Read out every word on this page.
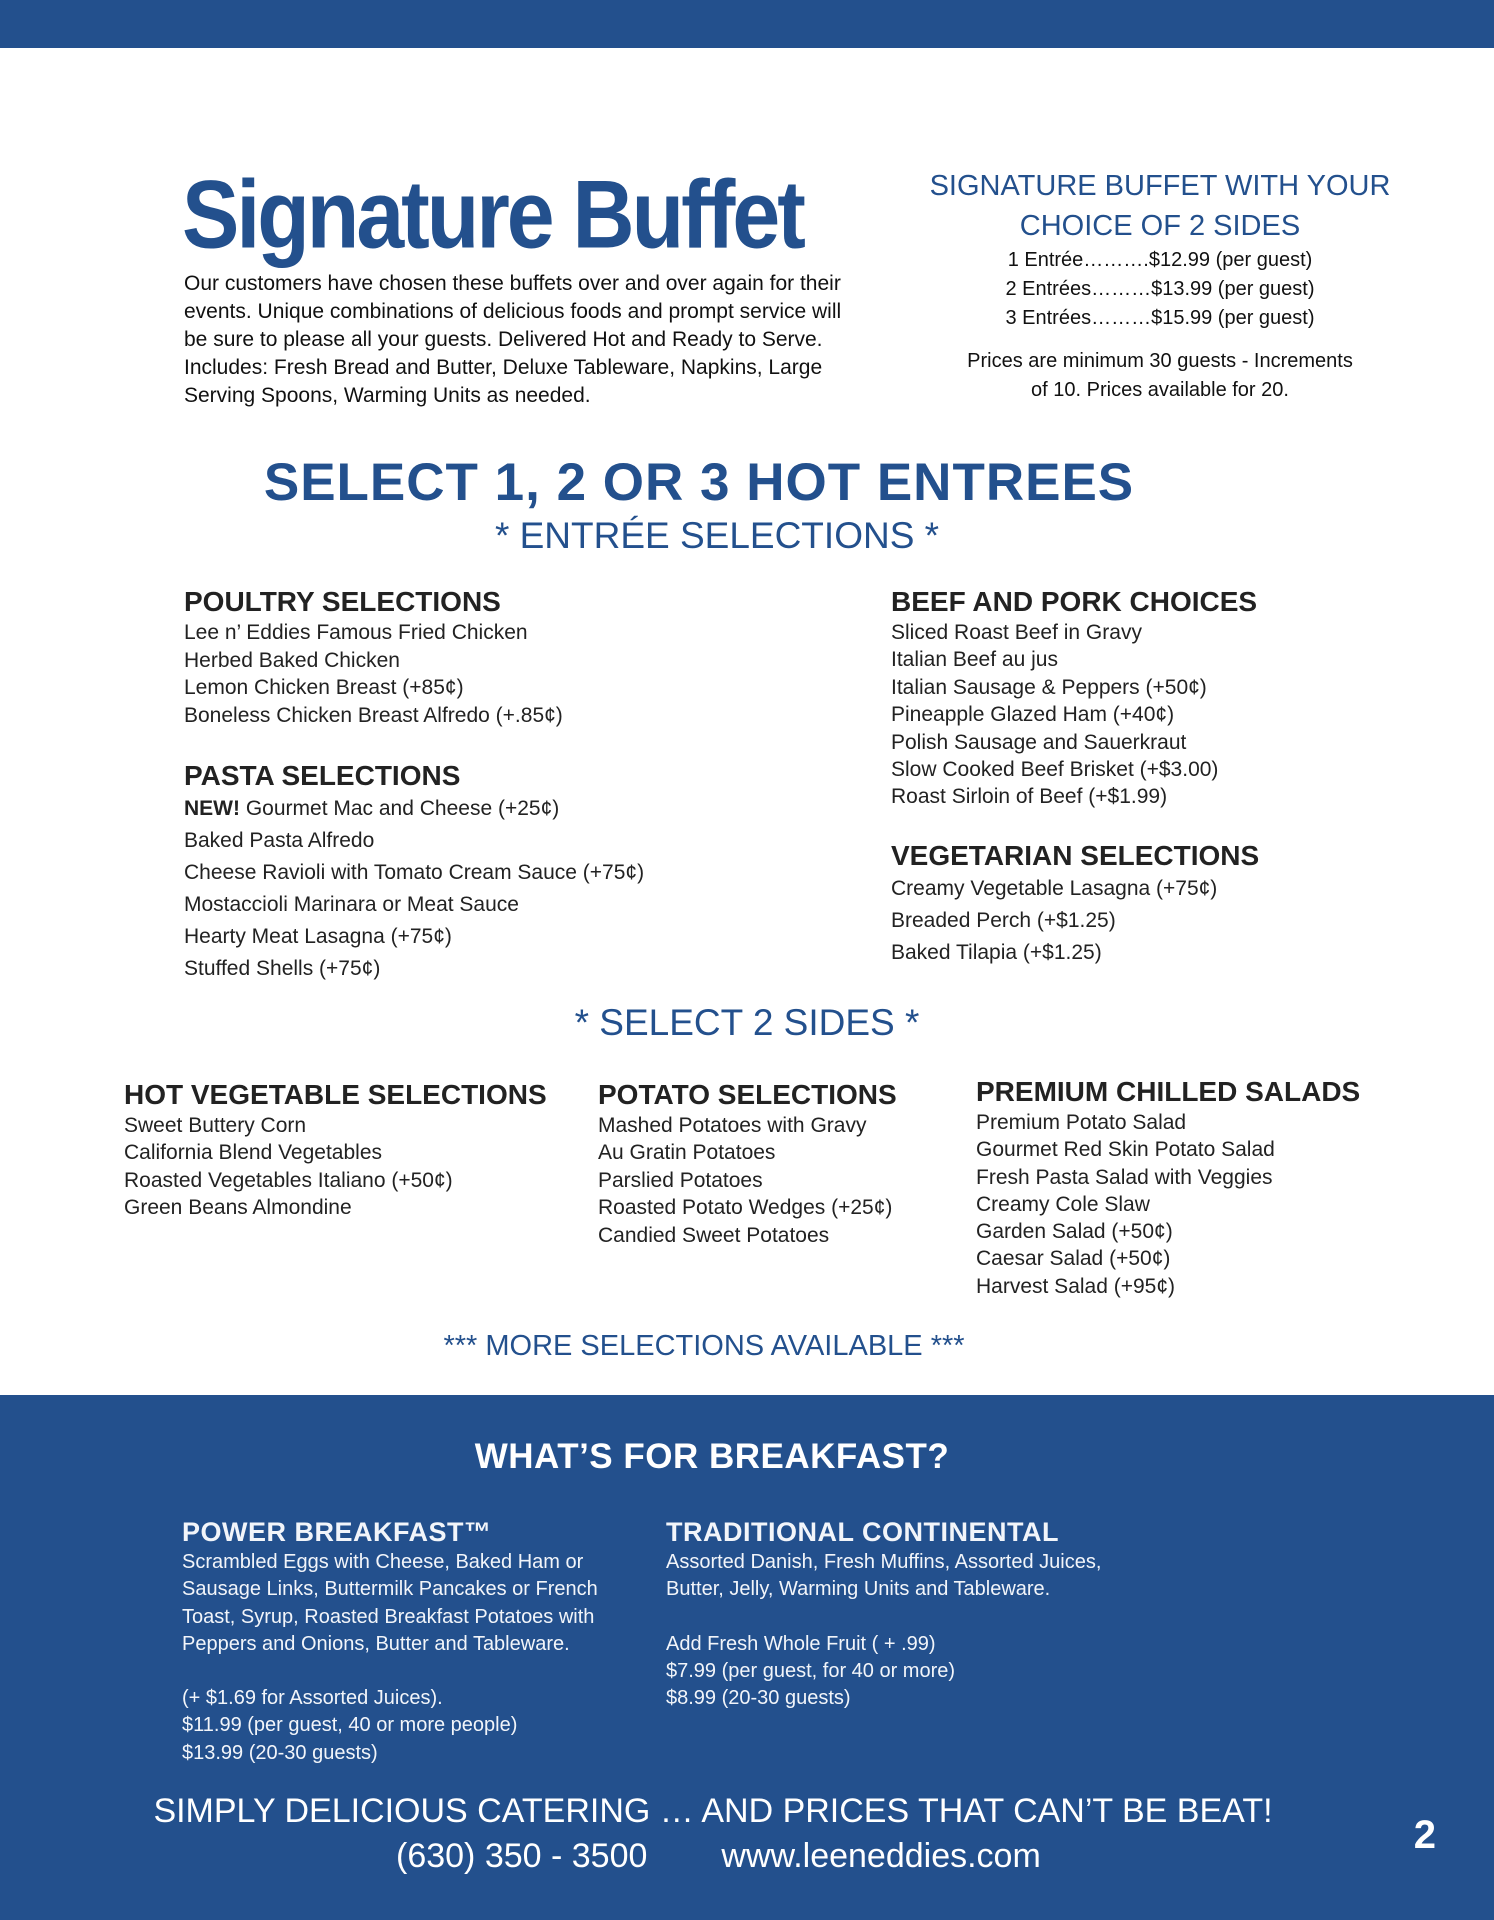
Signature Buffet

Our customers have chosen these buffets over and over again for their events. Unique combinations of delicious foods and prompt service will be sure to please all your guests. Delivered Hot and Ready to Serve. Includes: Fresh Bread and Butter, Deluxe Tableware, Napkins, Large Serving Spoons, Warming Units as needed.

SIGNATURE BUFFET WITH YOUR
CHOICE OF 2 SIDES
1 Entrée……….$12.99 (per guest)
2 Entrées………$13.99 (per guest)
3 Entrées………$15.99 (per guest)
Prices are minimum 30 guests - Increments
of 10. Prices available for 20.
SELECT 1, 2 OR 3 HOT ENTREES
* ENTRÉE SELECTIONS *
POULTRY SELECTIONS
Lee n’ Eddies Famous Fried Chicken
Herbed Baked Chicken
Lemon Chicken Breast (+85¢)
Boneless Chicken Breast Alfredo (+.85¢)
PASTA SELECTIONS
NEW! Gourmet Mac and Cheese (+25¢)
Baked Pasta Alfredo
Cheese Ravioli with Tomato Cream Sauce (+75¢)
Mostaccioli Marinara or Meat Sauce
Hearty Meat Lasagna (+75¢)
Stuffed Shells (+75¢)
BEEF AND PORK CHOICES
Sliced Roast Beef in Gravy
Italian Beef au jus
Italian Sausage & Peppers (+50¢)
Pineapple Glazed Ham (+40¢)
Polish Sausage and Sauerkraut
Slow Cooked Beef Brisket (+$3.00)
Roast Sirloin of Beef (+$1.99)
VEGETARIAN SELECTIONS
Creamy Vegetable Lasagna (+75¢)
Breaded Perch (+$1.25)
Baked Tilapia (+$1.25)
* SELECT 2 SIDES *
HOT VEGETABLE SELECTIONS
Sweet Buttery Corn
California Blend Vegetables
Roasted Vegetables Italiano (+50¢)
Green Beans Almondine
POTATO SELECTIONS
Mashed Potatoes with Gravy
Au Gratin Potatoes
Parslied Potatoes
Roasted Potato Wedges (+25¢)
Candied Sweet Potatoes
PREMIUM CHILLED SALADS
Premium Potato Salad
Gourmet Red Skin Potato Salad
Fresh Pasta Salad with Veggies
Creamy Cole Slaw
Garden Salad (+50¢)
Caesar Salad (+50¢)
Harvest Salad (+95¢)
*** MORE SELECTIONS AVAILABLE ***
WHAT’S FOR BREAKFAST?
POWER BREAKFAST™
Scrambled Eggs with Cheese, Baked Ham or
Sausage Links, Buttermilk Pancakes or French
Toast, Syrup, Roasted Breakfast Potatoes with
Peppers and Onions, Butter and Tableware.
(+ $1.69 for Assorted Juices).
$11.99 (per guest, 40 or more people)
$13.99 (20-30 guests)
TRADITIONAL CONTINENTAL
Assorted Danish, Fresh Muffins, Assorted Juices,
Butter, Jelly, Warming Units and Tableware.
Add Fresh Whole Fruit ( + .99)
$7.99 (per guest, for 40 or more)
$8.99 (20-30 guests)
SIMPLY DELICIOUS CATERING … AND PRICES THAT CAN’T BE BEAT!
(630) 350 - 3500 www.leeneddies.com	2
